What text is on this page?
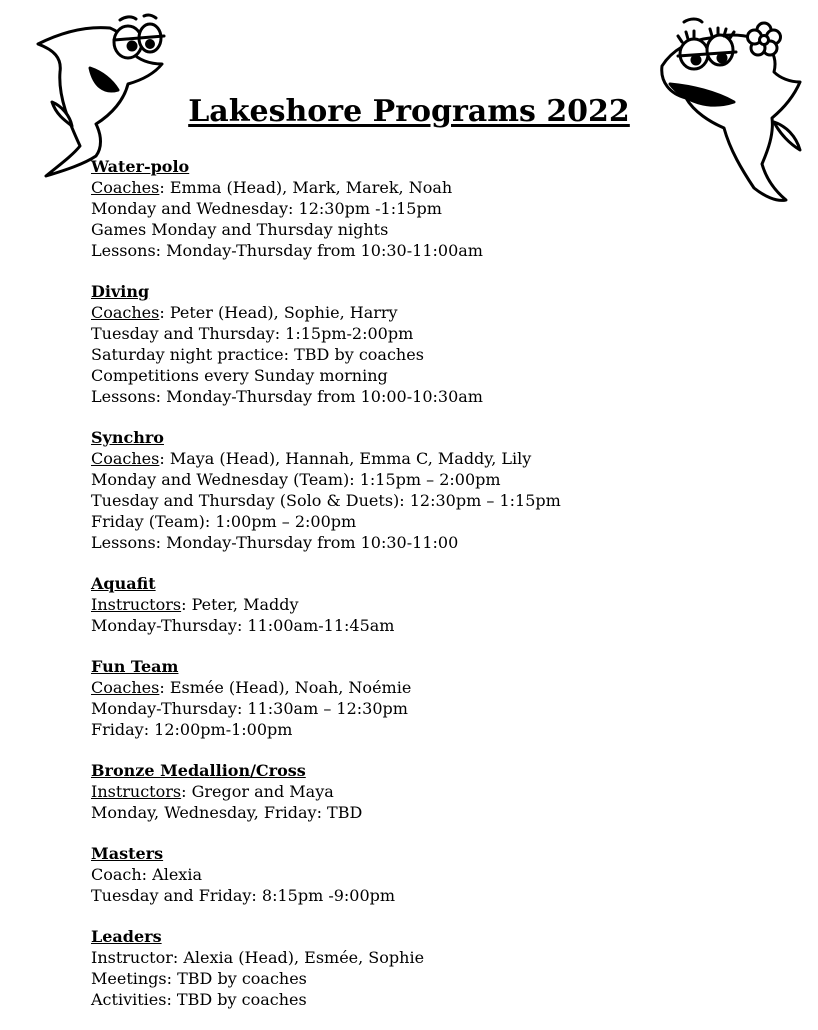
Lakeshore Programs 2022
Water-polo
Coaches: Emma (Head), Mark, Marek, Noah
Monday and Wednesday: 12:30pm -1:15pm
Games Monday and Thursday nights
Lessons: Monday-Thursday from 10:30-11:00am
Diving
Coaches: Peter (Head), Sophie, Harry
Tuesday and Thursday: 1:15pm-2:00pm
Saturday night practice: TBD by coaches
Competitions every Sunday morning
Lessons: Monday-Thursday from 10:00-10:30am
Synchro
Coaches: Maya (Head), Hannah, Emma C, Maddy, Lily
Monday and Wednesday (Team): 1:15pm – 2:00pm
Tuesday and Thursday (Solo & Duets): 12:30pm – 1:15pm
Friday (Team): 1:00pm – 2:00pm
Lessons: Monday-Thursday from 10:30-11:00
Aquafit
Instructors: Peter, Maddy
Monday-Thursday: 11:00am-11:45am
Fun Team
Coaches: Esmée (Head), Noah, Noémie
Monday-Thursday: 11:30am – 12:30pm
Friday: 12:00pm-1:00pm
Bronze Medallion/Cross
Instructors: Gregor and Maya
Monday, Wednesday, Friday: TBD
Masters
Coach: Alexia
Tuesday and Friday: 8:15pm -9:00pm
Leaders
Instructor: Alexia (Head), Esmée, Sophie
Meetings: TBD by coaches
Activities: TBD by coaches
